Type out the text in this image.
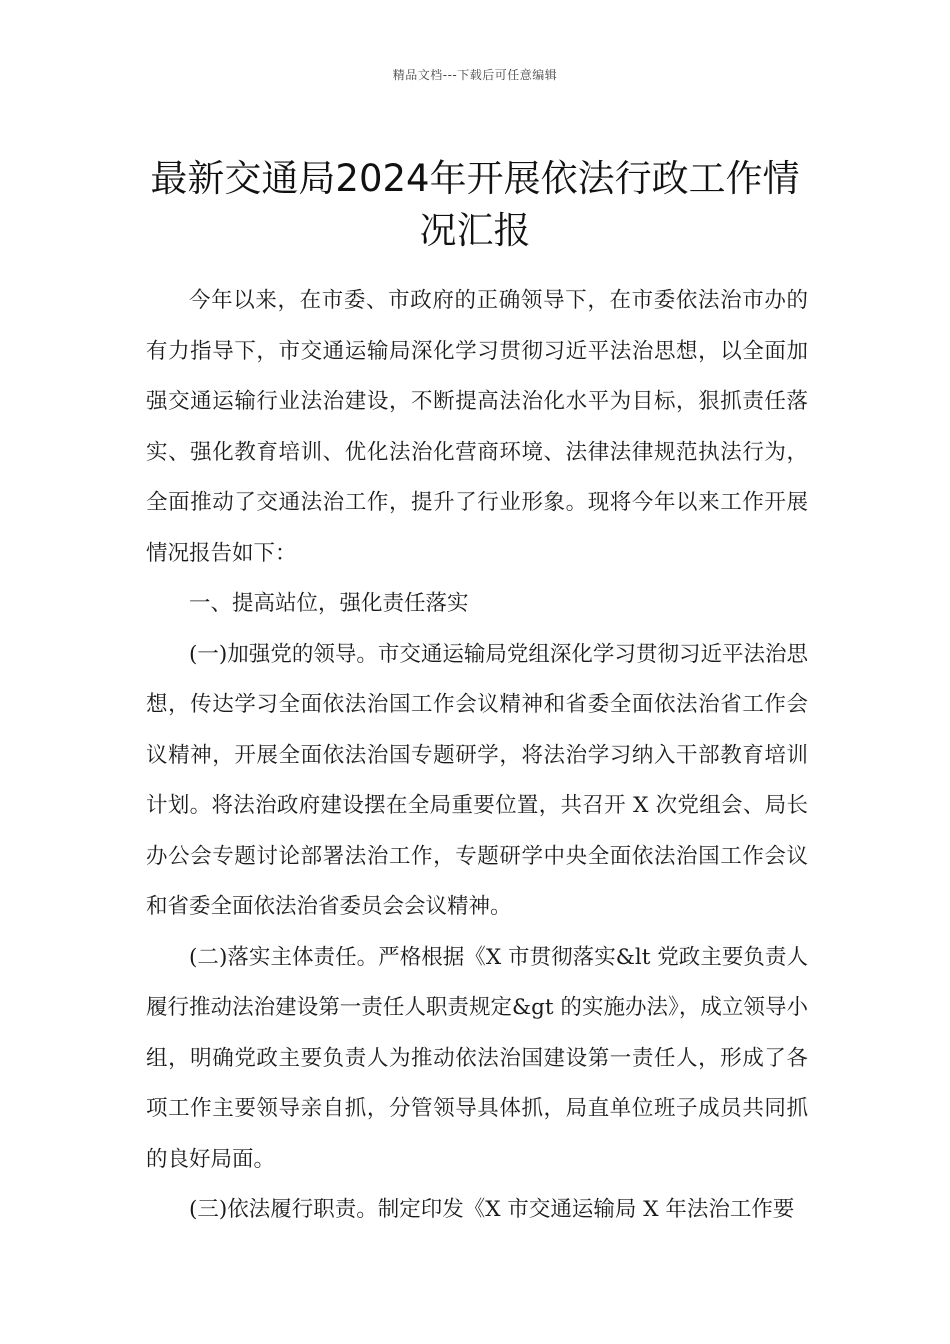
精品文档---下载后可任意编辑
最新交通局2024年开展依法行政工作情况汇报

今年以来，在市委、市政府的正确领导下，在市委依法治市办的有力指导下，市交通运输局深化学习贯彻习近平法治思想，以全面加强交通运输行业法治建设，不断提高法治化水平为目标，狠抓责任落实、强化教育培训、优化法治化营商环境、法律法律规范执法行为，全面推动了交通法治工作，提升了行业形象。现将今年以来工作开展情况报告如下：

一、提高站位，强化责任落实

(一)加强党的领导。市交通运输局党组深化学习贯彻习近平法治思想，传达学习全面依法治国工作会议精神和省委全面依法治省工作会议精神，开展全面依法治国专题研学，将法治学习纳入干部教育培训计划。将法治政府建设摆在全局重要位置，共召开 X 次党组会、局长办公会专题讨论部署法治工作，专题研学中央全面依法治国工作会议和省委全面依法治省委员会会议精神。

(二)落实主体责任。严格根据《X 市贯彻落实&lt 党政主要负责人履行推动法治建设第一责任人职责规定&gt 的实施办法》，成立领导小组，明确党政主要负责人为推动依法治国建设第一责任人，形成了各项工作主要领导亲自抓，分管领导具体抓，局直单位班子成员共同抓的良好局面。

(三)依法履行职责。制定印发《X 市交通运输局 X 年法治工作要
